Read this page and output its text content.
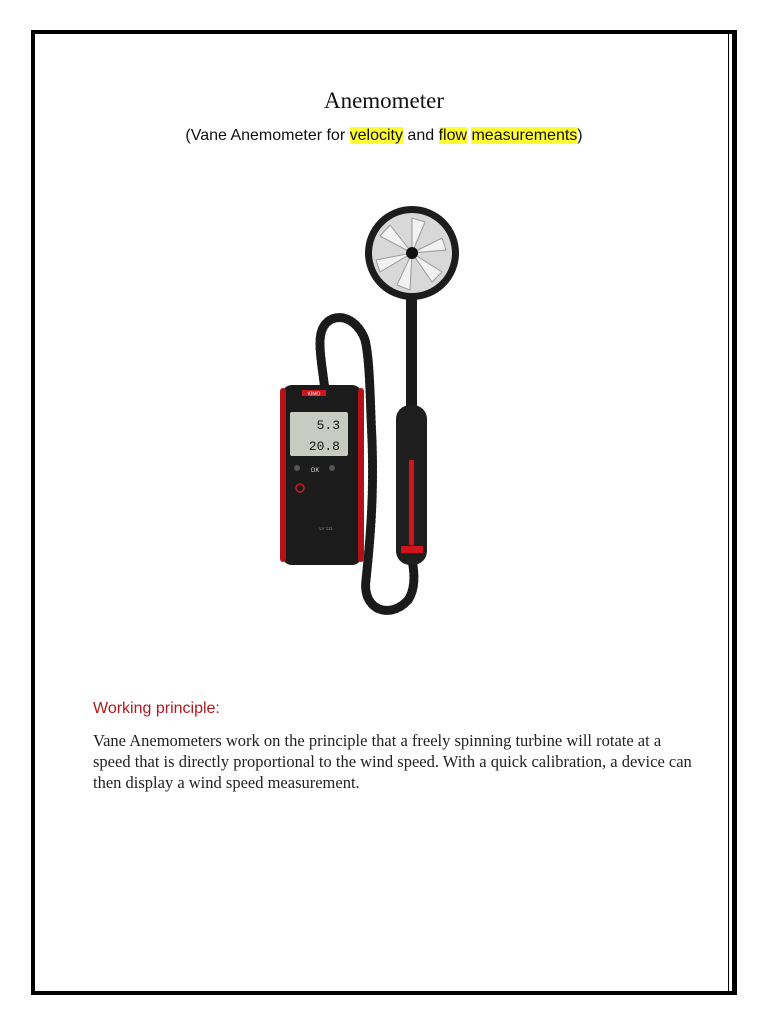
Anemometer
(Vane Anemometer for velocity and flow measurements)
KIMO
5.3
20.8
OK
LV 111
Working principle:
Vane Anemometers work on the principle that a freely spinning turbine will rotate at a speed that is directly proportional to the wind speed. With a quick calibration, a device can then display a wind speed measurement.
